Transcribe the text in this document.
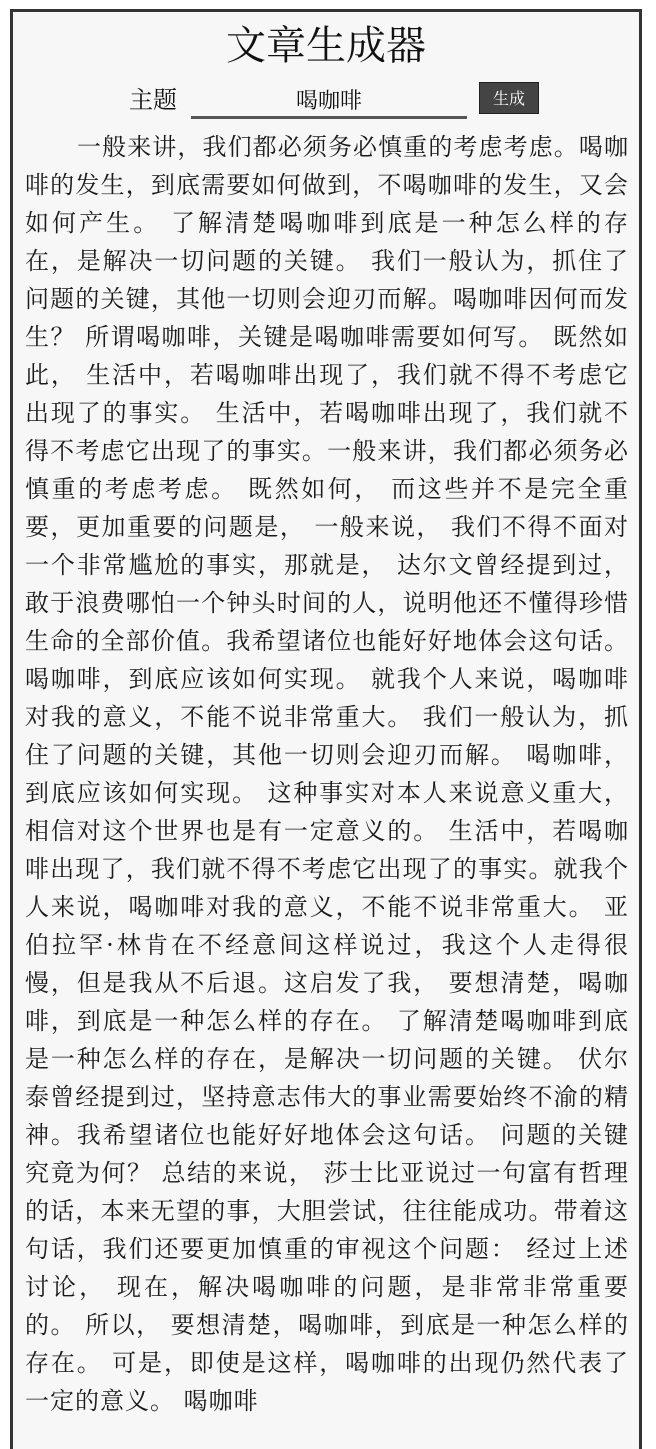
文章生成器
主题
喝咖啡	生成

一般来讲，我们都必须务必慎重的考虑考虑。喝咖啡的发生，到底需要如何做到，不喝咖啡的发生，又会如何产生。 了解清楚喝咖啡到底是一种怎么样的存在，是解决一切问题的关键。 我们一般认为，抓住了问题的关键，其他一切则会迎刃而解。喝咖啡因何而发生？ 所谓喝咖啡，关键是喝咖啡需要如何写。 既然如此， 生活中，若喝咖啡出现了，我们就不得不考虑它出现了的事实。 生活中，若喝咖啡出现了，我们就不得不考虑它出现了的事实。一般来讲，我们都必须务必慎重的考虑考虑。 既然如何， 而这些并不是完全重要，更加重要的问题是， 一般来说， 我们不得不面对一个非常尴尬的事实，那就是， 达尔文曾经提到过，敢于浪费哪怕一个钟头时间的人，说明他还不懂得珍惜生命的全部价值。我希望诸位也能好好地体会这句话。 喝咖啡，到底应该如何实现。 就我个人来说，喝咖啡对我的意义，不能不说非常重大。 我们一般认为，抓住了问题的关键，其他一切则会迎刃而解。 喝咖啡，到底应该如何实现。 这种事实对本人来说意义重大，相信对这个世界也是有一定意义的。 生活中，若喝咖啡出现了，我们就不得不考虑它出现了的事实。就我个人来说，喝咖啡对我的意义，不能不说非常重大。 亚伯拉罕·林肯在不经意间这样说过，我这个人走得很慢，但是我从不后退。这启发了我， 要想清楚，喝咖啡，到底是一种怎么样的存在。 了解清楚喝咖啡到底是一种怎么样的存在，是解决一切问题的关键。 伏尔泰曾经提到过，坚持意志伟大的事业需要始终不渝的精神。我希望诸位也能好好地体会这句话。 问题的关键究竟为何？ 总结的来说， 莎士比亚说过一句富有哲理的话，本来无望的事，大胆尝试，往往能成功。带着这句话，我们还要更加慎重的审视这个问题： 经过上述讨论， 现在，解决喝咖啡的问题，是非常非常重要的。 所以， 要想清楚，喝咖啡，到底是一种怎么样的存在。 可是，即使是这样，喝咖啡的出现仍然代表了一定的意义。 喝咖啡
